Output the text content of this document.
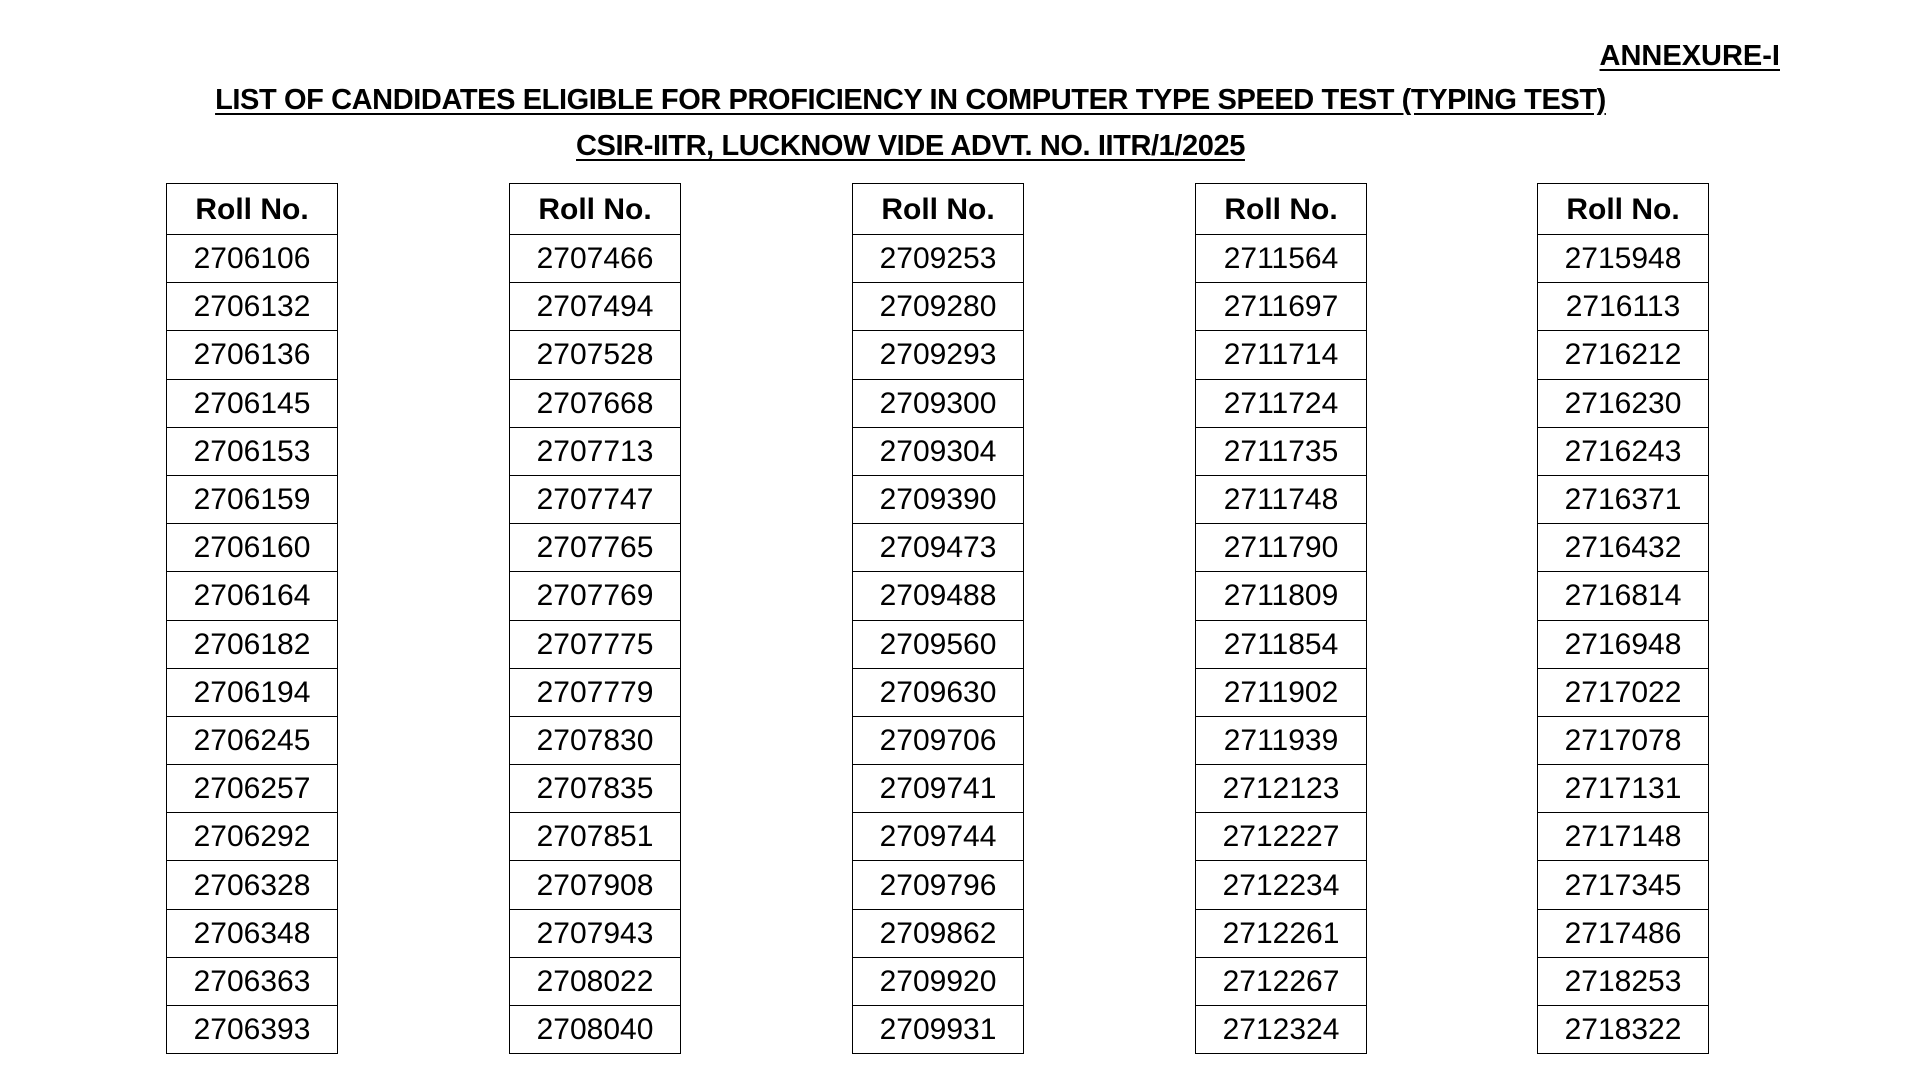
ANNEXURE-I
LIST OF CANDIDATES ELIGIBLE FOR PROFICIENCY IN COMPUTER TYPE SPEED TEST (TYPING TEST)
CSIR-IITR, LUCKNOW VIDE ADVT. NO. IITR/1/2025
Roll No.
2706106
2706132
2706136
2706145
2706153
2706159
2706160
2706164
2706182
2706194
2706245
2706257
2706292
2706328
2706348
2706363
2706393
Roll No.
2707466
2707494
2707528
2707668
2707713
2707747
2707765
2707769
2707775
2707779
2707830
2707835
2707851
2707908
2707943
2708022
2708040
Roll No.
2709253
2709280
2709293
2709300
2709304
2709390
2709473
2709488
2709560
2709630
2709706
2709741
2709744
2709796
2709862
2709920
2709931
Roll No.
2711564
2711697
2711714
2711724
2711735
2711748
2711790
2711809
2711854
2711902
2711939
2712123
2712227
2712234
2712261
2712267
2712324
Roll No.
2715948
2716113
2716212
2716230
2716243
2716371
2716432
2716814
2716948
2717022
2717078
2717131
2717148
2717345
2717486
2718253
2718322
